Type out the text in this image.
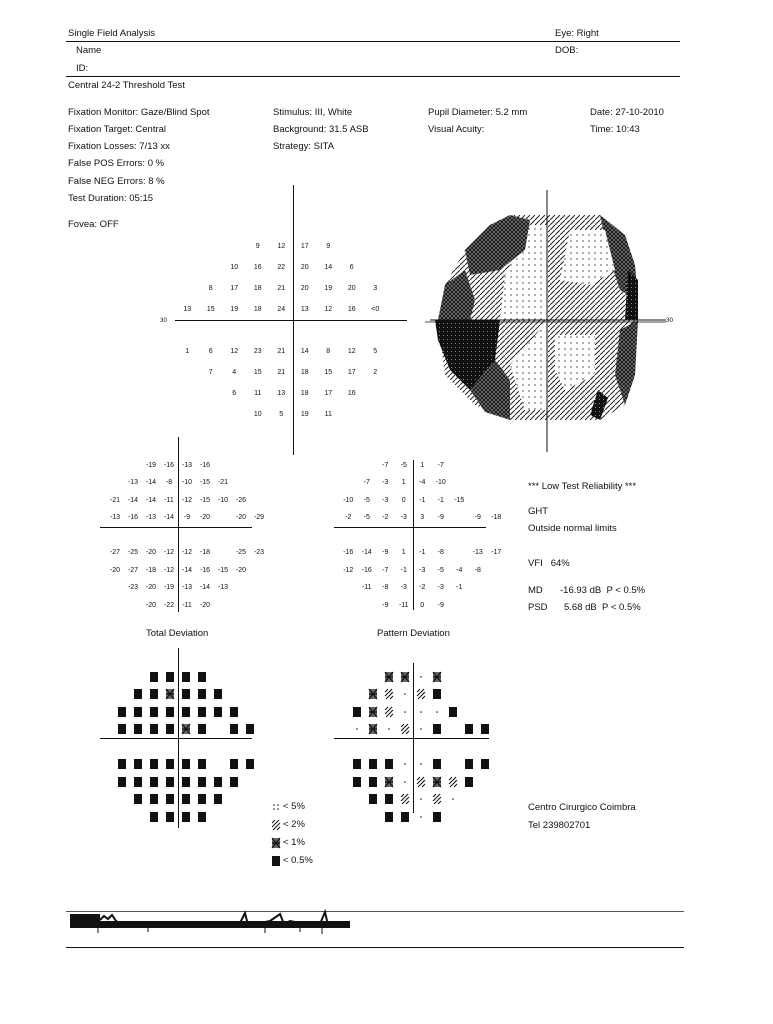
Single Field Analysis	Eye: Right
Name	DOB:
ID:
Central 24-2 Threshold Test
Fixation Monitor: Gaze/Blind Spot
Fixation Target: Central
Fixation Losses: 7/13 xx
False POS Errors: 0 %
False NEG Errors: 8 %
Test Duration: 05:15
Fovea: OFF
Stimulus: III, White
Background: 31.5 ASB
Strategy: SITA
Pupil Diameter: 5.2 mm
Visual Acuity:
Date: 27-10-2010
Time: 10:43
30
9	12 17	9
10 16 22 20 14	6
8	17 18 21 20 19 20	3
13 15 19 18 24 13 12 16 <0
1	6	12 23 21 14	8	12	5
7	4	15 21 18 15 17	2
6	11 13 18 17 16
10	5	19 11
30
-19 -16 -13 -16
-13 -14 -8 -10 -15 -21
-21 -14 -14 -11 -12 -15 -10 -26
-13 -16 -13 -14 -9 -20	-20 -29
-27 -25 -20 -12 -12 -18	-25 -23
-20 -27 -18 -12 -14 -16 -15 -20
-23 -20 -19 -13 -14 -13
-20 -22 -11 -20
-7 -5 1 -7
-7 -3 1 -4 -10
-10 -5 -3 0 -1 -1 -15
-2 -5 -2 -3 3 -9	-9 -18
-16 -14 -9 1 -1 -8	-13 -17
-12 -16 -7 -1 -3 -5 -4 -8
-11 -8 -3 -2 -3 -1
-9 -11 0 -9
*** Low Test Reliability ***
GHT
Outside normal limits
VFI   64%
MD -16.93 dB  P < 0.5%
PSD 5.68 dB  P < 0.5%
Total Deviation	Pattern Deviation
< 5%
< 2%
< 1%
< 0.5%
Centro Cirurgico Coimbra
Tel 239802701
